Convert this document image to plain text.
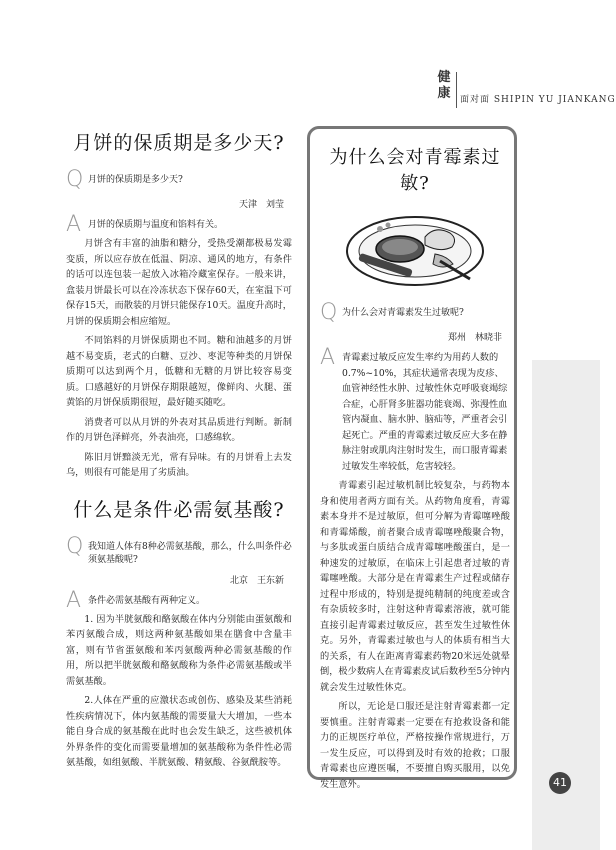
健康 面对面 SHIPIN YU JIANKANG
月饼的保质期是多少天?
Q 月饼的保质期是多少天?
天津　刘莹
A 月饼的保质期与温度和馅料有关。

月饼含有丰富的油脂和糖分，受热受潮都极易发霉变质，所以应存放在低温、阴凉、通风的地方，有条件的话可以连包装一起放入冰箱冷藏室保存。一般来讲，盒装月饼最长可以在冷冻状态下保存60天，在室温下可保存15天，而散装的月饼只能保存10天。温度升高时，月饼的保质期会相应缩短。

不同馅料的月饼保质期也不同。糖和油越多的月饼越不易变质，老式的白糖、豆沙、枣泥等种类的月饼保质期可以达到两个月，低糖和无糖的月饼比较容易变质。口感越好的月饼保存期限越短，像鲜肉、火腿、蛋黄馅的月饼保质期很短，最好随买随吃。

消费者可以从月饼的外表对其品质进行判断。新制作的月饼色泽鲜亮，外表油亮，口感绵软。

陈旧月饼黯淡无光，常有异味。有的月饼看上去发乌，则很有可能是用了劣质油。

什么是条件必需氨基酸?
Q 我知道人体有8种必需氨基酸，那么，什么叫条件必须氨基酸呢?
北京　王东新
A 条件必需氨基酸有两种定义。

1. 因为半胱氨酸和酪氨酸在体内分别能由蛋氨酸和苯丙氨酸合成，则这两种氨基酸如果在膳食中含量丰富，则有节省蛋氨酸和苯丙氨酸两种必需氨基酸的作用，所以把半胱氨酸和酪氨酸称为条件必需氨基酸或半需氨基酸。

2.人体在严重的应激状态或创伤、感染及某些消耗性疾病情况下，体内氨基酸的需要量大大增加，一些本能自身合成的氨基酸在此时也会发生缺乏，这些被机体外界条件的变化而需要量增加的氨基酸称为条件性必需氨基酸，如组氨酸、半胱氨酸、精氨酸、谷氨酰胺等。

为什么会对青霉素过敏?
Q 为什么会对青霉素发生过敏呢?
郑州　林晓非
A 青霉素过敏反应发生率约为用药人数的0.7%~10%，其症状通常表现为皮疹、血管神经性水肿、过敏性休克呼吸衰竭综合症，心肝肾多脏器功能衰竭、弥漫性血管内凝血、脑水肿、脑疝等，严重者会引起死亡。严重的青霉素过敏反应大多在静脉注射或肌肉注射时发生，而口服青霉素过敏发生率较低，危害较轻。

青霉素引起过敏机制比较复杂，与药物本身和使用者两方面有关。从药物角度看，青霉素本身并不是过敏原，但可分解为青霉噻唑酸和青霉烯酸，前者聚合成青霉噻唑酸聚合物，与多肽或蛋白质结合成青霉噻唑酸蛋白，是一种速发的过敏原，在临床上引起患者过敏的青霉噻唑酸。大部分是在青霉素生产过程或储存过程中形成的，特别是提纯精制的纯度差或含有杂质较多时，注射这种青霉素溶液，就可能直接引起青霉素过敏反应，甚至发生过敏性休克。另外，青霉素过敏也与人的体质有相当大的关系，有人在距离青霉素药物20米远处就晕倒，极少数病人在青霉素皮试后数秒至5分钟内就会发生过敏性休克。

所以，无论是口服还是注射青霉素都一定要慎重。注射青霉素一定要在有抢救设备和能力的正规医疗单位，严格按操作常规进行，万一发生反应，可以得到及时有效的抢救；口服青霉素也应遵医嘱，不要擅自购买服用，以免发生意外。	41
